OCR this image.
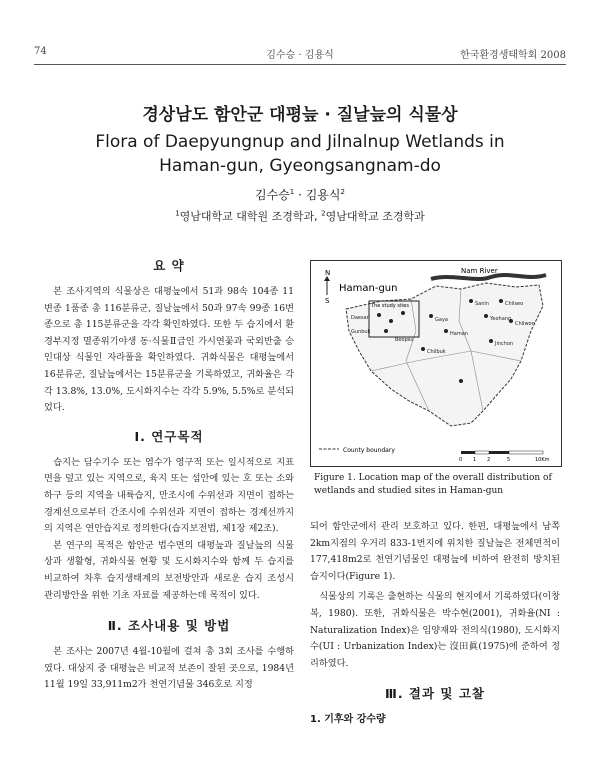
74	김수승 · 김용식	한국환경생태학회 2008
경상남도 함안군 대평늪 · 질날늪의 식물상
Flora of Daepyungnup and Jilnalnup Wetlands in
Haman-gun, Gyeongsangnam-do
김수승$^1$ · 김용식$^2$
$^1$영남대학교 대학원 조경학과, $^2$영남대학교 조경학과
요 약

본 조사지역의 식물상은 대평늪에서 51과 98속 104종 11변종 1품종 총 116분류군, 질날늪에서 50과 97속 99종 16변종으로 총 115분류군을 각각 확인하였다. 또한 두 습지에서 환경부지정 멸종위기야생 동·식물Ⅱ급인 가시연꽃과 국외반출 승인대상 식물인 자라풀을 확인하였다. 귀화식물은 대평늪에서 16분류군, 질날늪에서는 15분류군을 기록하였고, 귀화율은 각각 13.8%, 13.0%, 도시화지수는 각각 5.9%, 5.5%로 분석되었다.

Ⅰ. 연구목적

습지는 담수기수 또는 염수가 영구적 또는 일시적으로 지표면을 덮고 있는 지역으로, 육지 또는 섬안에 있는 호 또는 소와 하구 등의 지역을 내륙습지, 만조시에 수위선과 지면이 접하는 경계선으로부터 간조시에 수위선과 지면이 접하는 경계선까지의 지역은 연안습지로 정의한다(습지보전법, 제1장 제2조).

본 연구의 목적은 함안군 법수면의 대평늪과 질날늪의 식물상과 생활형, 귀화식물 현황 및 도시화지수와 함께 두 습지를 비교하여 차후 습지생태계의 보전방안과 새로운 습지 조성시 관리방안을 위한 기초 자료를 제공하는데 목적이 있다.

Ⅱ. 조사내용 및 방법

본 조사는 2007년 4월-10월에 걸쳐 총 3회 조사를 수행하였다. 대상지 중 대평늪은 비교적 보존이 잘된 곳으로, 1984년 11월 19일 33,911m2가 천연기념물 346호로 지정

N
S
Haman-gun
Nam River
The study sites
Daesan
Gunbuk
Beopsu
Gaya
Haman
Sanin
Yeohang
Chilseo
Chilwon
Chilbuk
Jinchon
County boundary
0 1 2	5	10Km
Figure 1. Location map of the overall distribution of wetlands and studied sites in Haman-gun

되어 함안군에서 관리 보호하고 있다. 한편, 대평늪에서 남쪽 2km지점의 우거리 833-1번지에 위치한 질날늪은 전체면적이 177,418m2로 천연기념물인 대평늪에 비하여 완전히 방치된 습지이다(Figure 1).

식물상의 기록은 출현하는 식물의 현지에서 기록하였다(이창복, 1980). 또한, 귀화식물은 박수현(2001), 귀화율(NI : Naturalization Index)은 임양재와 전의식(1980), 도시화지수(UI : Urbanization Index)는 沒田眞(1975)에 준하여 정리하였다.

Ⅲ. 결과 및 고찰
1. 기후와 강수량
